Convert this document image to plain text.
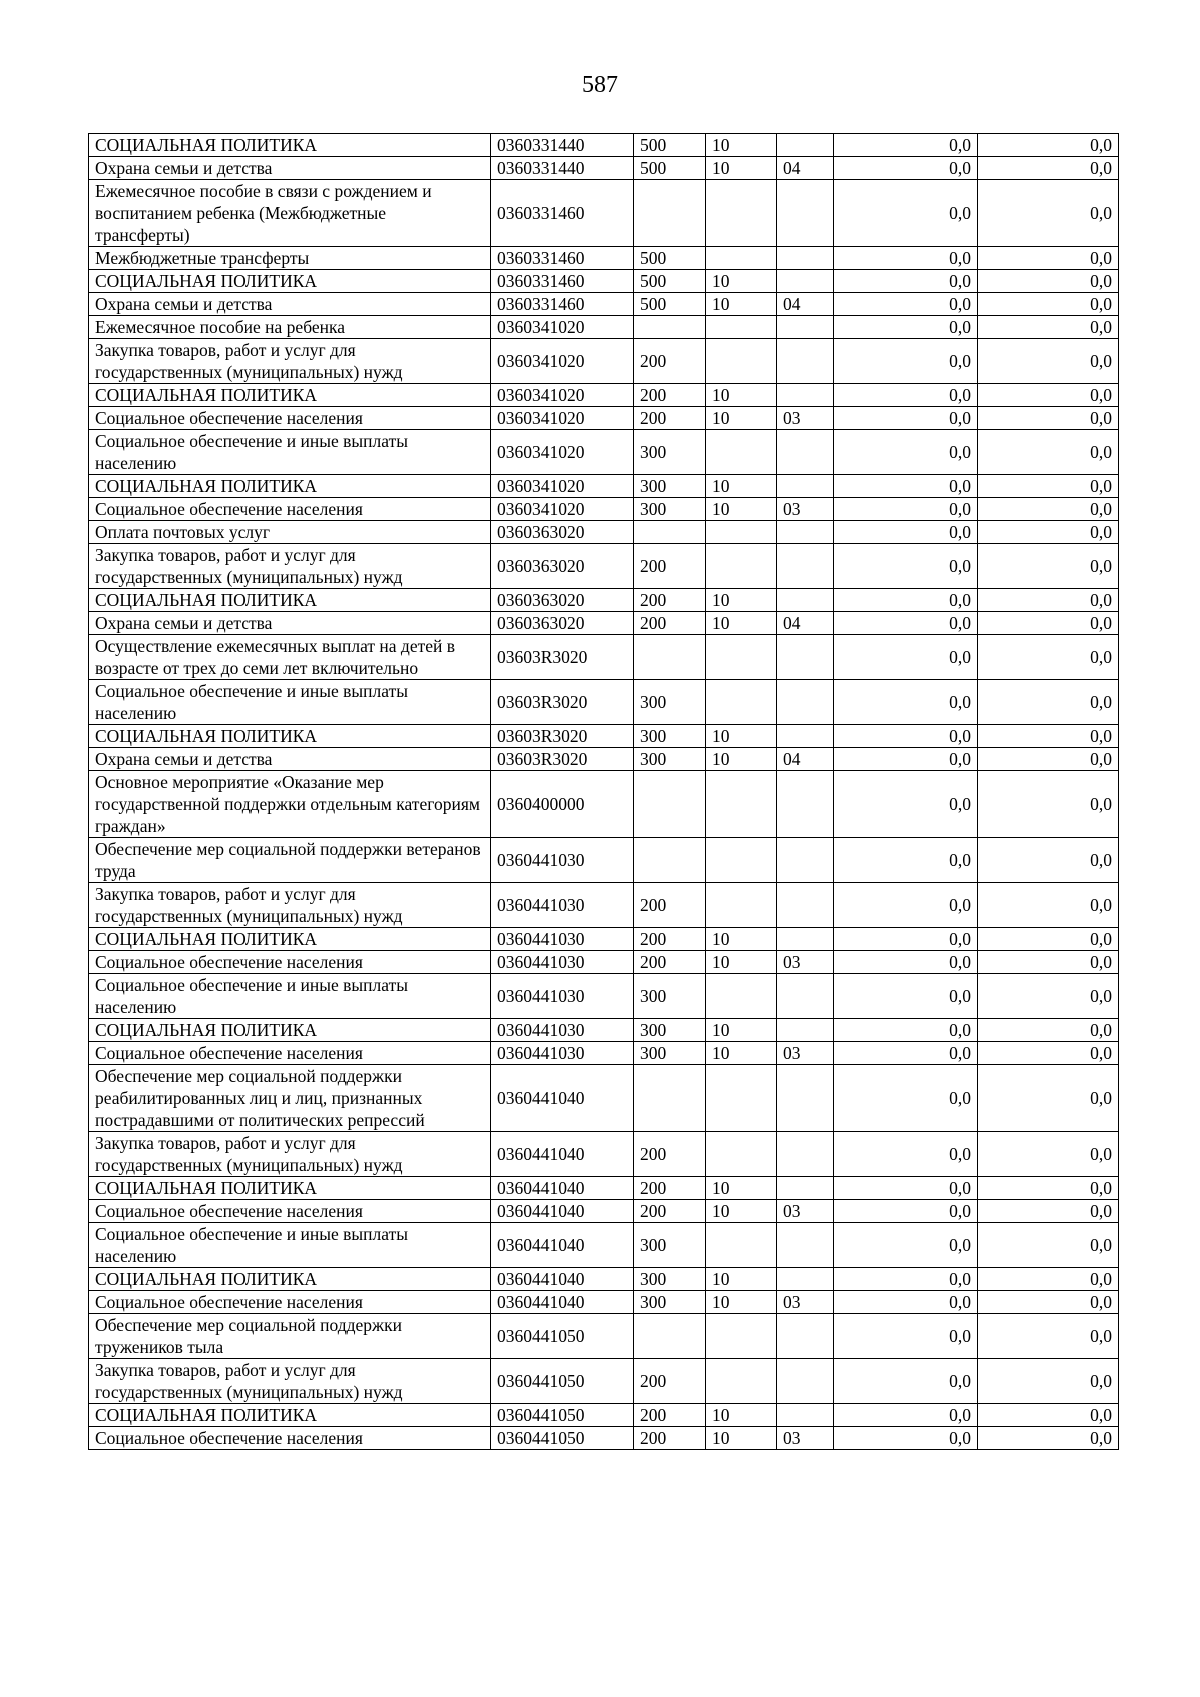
587
СОЦИАЛЬНАЯ ПОЛИТИКА	0360331440	500	10		0,0	0,0
Охрана семьи и детства	0360331440	500	10	04	0,0	0,0
Ежемесячное пособие в связи с рождением и воспитанием ребенка (Межбюджетные трансферты)	0360331460				0,0	0,0
Межбюджетные трансферты	0360331460	500			0,0	0,0
СОЦИАЛЬНАЯ ПОЛИТИКА	0360331460	500	10		0,0	0,0
Охрана семьи и детства	0360331460	500	10	04	0,0	0,0
Ежемесячное пособие на ребенка	0360341020				0,0	0,0
Закупка товаров, работ и услуг для государственных (муниципальных) нужд	0360341020	200			0,0	0,0
СОЦИАЛЬНАЯ ПОЛИТИКА	0360341020	200	10		0,0	0,0
Социальное обеспечение населения	0360341020	200	10	03	0,0	0,0
Социальное обеспечение и иные выплаты населению	0360341020	300			0,0	0,0
СОЦИАЛЬНАЯ ПОЛИТИКА	0360341020	300	10		0,0	0,0
Социальное обеспечение населения	0360341020	300	10	03	0,0	0,0
Оплата почтовых услуг	0360363020				0,0	0,0
Закупка товаров, работ и услуг для государственных (муниципальных) нужд	0360363020	200			0,0	0,0
СОЦИАЛЬНАЯ ПОЛИТИКА	0360363020	200	10		0,0	0,0
Охрана семьи и детства	0360363020	200	10	04	0,0	0,0
Осуществление ежемесячных выплат на детей в возрасте от трех до семи лет включительно	03603R3020				0,0	0,0
Социальное обеспечение и иные выплаты населению	03603R3020	300			0,0	0,0
СОЦИАЛЬНАЯ ПОЛИТИКА	03603R3020	300	10		0,0	0,0
Охрана семьи и детства	03603R3020	300	10	04	0,0	0,0
Основное мероприятие «Оказание мер государственной поддержки отдельным категориям граждан»	0360400000				0,0	0,0
Обеспечение мер социальной поддержки ветеранов труда	0360441030				0,0	0,0
Закупка товаров, работ и услуг для государственных (муниципальных) нужд	0360441030	200			0,0	0,0
СОЦИАЛЬНАЯ ПОЛИТИКА	0360441030	200	10		0,0	0,0
Социальное обеспечение населения	0360441030	200	10	03	0,0	0,0
Социальное обеспечение и иные выплаты населению	0360441030	300			0,0	0,0
СОЦИАЛЬНАЯ ПОЛИТИКА	0360441030	300	10		0,0	0,0
Социальное обеспечение населения	0360441030	300	10	03	0,0	0,0
Обеспечение мер социальной поддержки реабилитированных лиц и лиц, признанных пострадавшими от политических репрессий	0360441040				0,0	0,0
Закупка товаров, работ и услуг для государственных (муниципальных) нужд	0360441040	200			0,0	0,0
СОЦИАЛЬНАЯ ПОЛИТИКА	0360441040	200	10		0,0	0,0
Социальное обеспечение населения	0360441040	200	10	03	0,0	0,0
Социальное обеспечение и иные выплаты населению	0360441040	300			0,0	0,0
СОЦИАЛЬНАЯ ПОЛИТИКА	0360441040	300	10		0,0	0,0
Социальное обеспечение населения	0360441040	300	10	03	0,0	0,0
Обеспечение мер социальной поддержки тружеников тыла	0360441050				0,0	0,0
Закупка товаров, работ и услуг для государственных (муниципальных) нужд	0360441050	200			0,0	0,0
СОЦИАЛЬНАЯ ПОЛИТИКА	0360441050	200	10		0,0	0,0
Социальное обеспечение населения	0360441050	200	10	03	0,0	0,0
